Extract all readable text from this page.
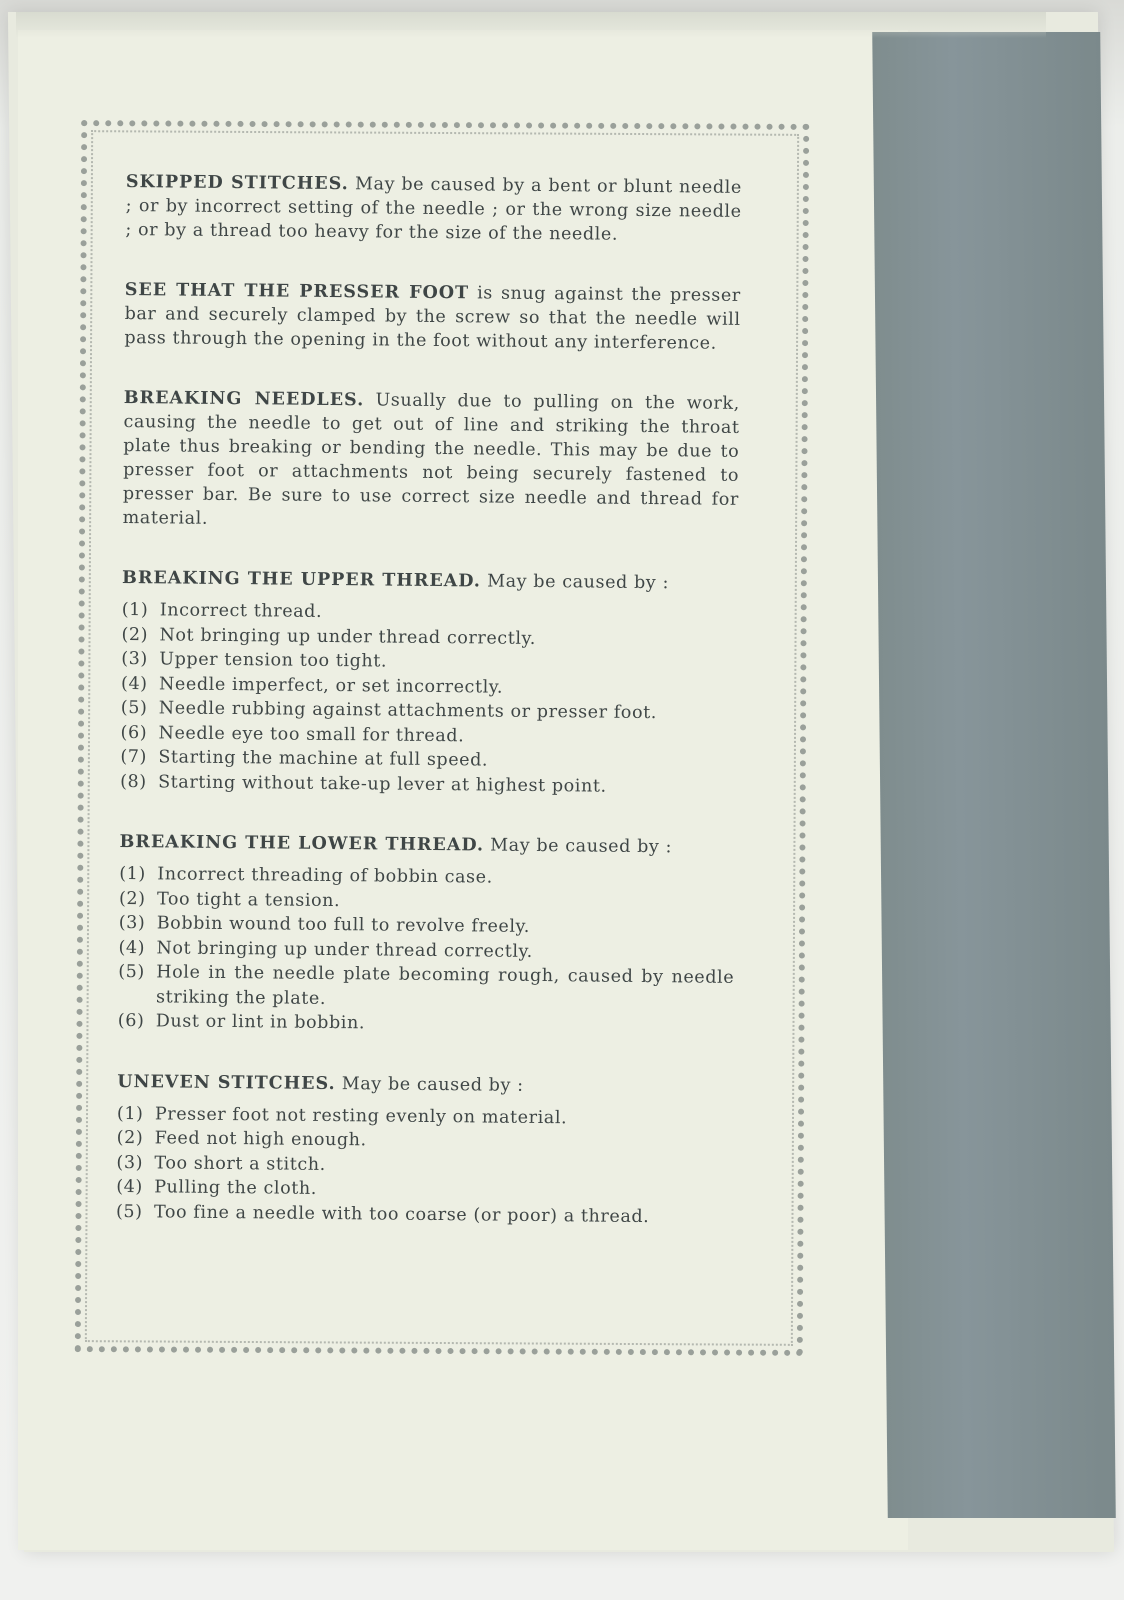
SKIPPED STITCHES. May be caused by a bent or blunt needle ; or by incorrect setting of the needle ; or the wrong size needle ; or by a thread too heavy for the size of the needle.

SEE THAT THE PRESSER FOOT is snug against the presser bar and securely clamped by the screw so that the needle will pass through the opening in the foot without any interference.

BREAKING NEEDLES. Usually due to pulling on the work, causing the needle to get out of line and striking the throat plate thus breaking or bending the needle. This may be due to presser foot or attachments not being securely fastened to presser bar. Be sure to use correct size needle and thread for material.

BREAKING THE UPPER THREAD. May be caused by :

(1) Incorrect thread.
(2) Not bringing up under thread correctly.
(3) Upper tension too tight.
(4) Needle imperfect, or set incorrectly.
(5) Needle rubbing against attachments or presser foot.
(6) Needle eye too small for thread.
(7) Starting the machine at full speed.
(8) Starting without take-up lever at highest point.

BREAKING THE LOWER THREAD. May be caused by :

(1) Incorrect threading of bobbin case.
(2) Too tight a tension.
(3) Bobbin wound too full to revolve freely.
(4) Not bringing up under thread correctly.
(5) Hole in the needle plate becoming rough, caused by needle striking the plate.
(6) Dust or lint in bobbin.

UNEVEN STITCHES. May be caused by :

(1) Presser foot not resting evenly on material.
(2) Feed not high enough.
(3) Too short a stitch.
(4) Pulling the cloth.
(5) Too fine a needle with too coarse (or poor) a thread.
